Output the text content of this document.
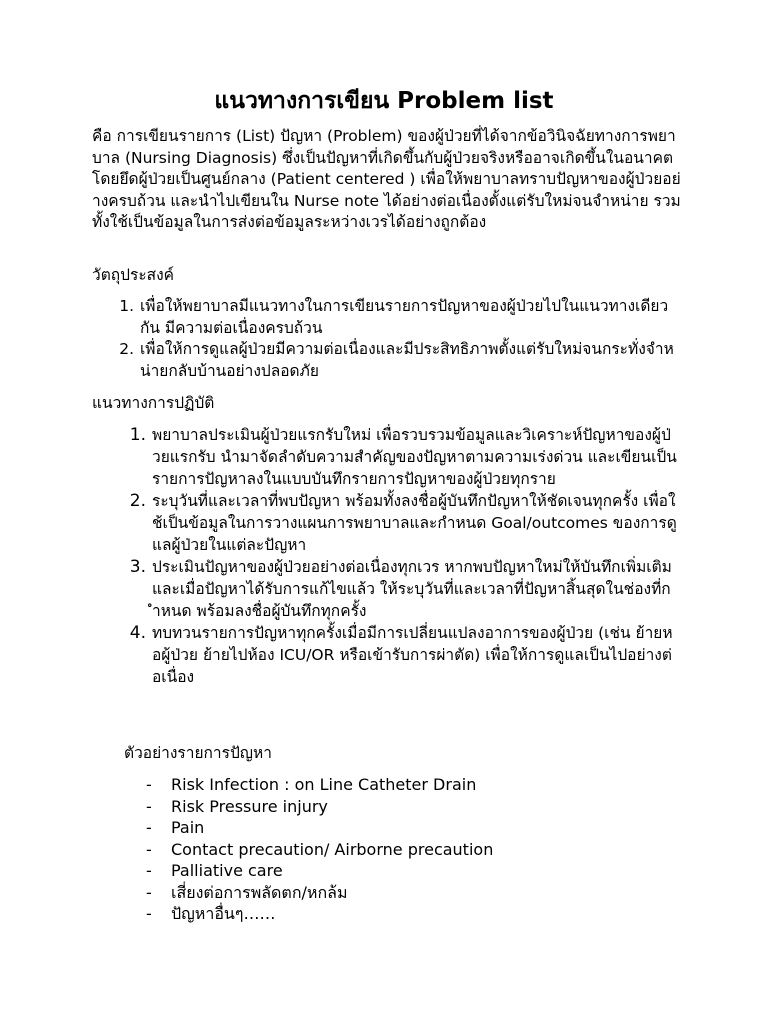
แนวทางการเขียน Problem list

คือ การเขียนรายการ (List) ปัญหา (Problem) ของผู้ป่วยที่ได้จากข้อวินิจฉัยทางการพยาบาล (Nursing Diagnosis) ซึ่งเป็นปัญหาที่เกิดขึ้นกับผู้ป่วยจริงหรืออาจเกิดขึ้นในอนาคต โดยยึดผู้ป่วยเป็นศูนย์กลาง (Patient centered ) เพื่อให้พยาบาลทราบปัญหาของผู้ป่วยอย่างครบถ้วน และนำไปเขียนใน Nurse note ได้อย่างต่อเนื่องตั้งแต่รับใหม่จนจำหน่าย รวมทั้งใช้เป็นข้อมูลในการส่งต่อข้อมูลระหว่างเวรได้อย่างถูกต้อง

วัตถุประสงค์

1. เพื่อให้พยาบาลมีแนวทางในการเขียนรายการปัญหาของผู้ป่วยไปในแนวทางเดียวกัน มีความต่อเนื่องครบถ้วน
2. เพื่อให้การดูแลผู้ป่วยมีความต่อเนื่องและมีประสิทธิภาพตั้งแต่รับใหม่จนกระทั่งจำหน่ายกลับบ้านอย่างปลอดภัย

แนวทางการปฏิบัติ

1. พยาบาลประเมินผู้ป่วยแรกรับใหม่ เพื่อรวบรวมข้อมูลและวิเคราะห์ปัญหาของผู้ป่วยแรกรับ นำมาจัดลำดับความสำคัญของปัญหาตามความเร่งด่วน และเขียนเป็นรายการปัญหาลงในแบบบันทึกรายการปัญหาของผู้ป่วยทุกราย
2. ระบุวันที่และเวลาที่พบปัญหา พร้อมทั้งลงชื่อผู้บันทึกปัญหาให้ชัดเจนทุกครั้ง เพื่อใช้เป็นข้อมูลในการวางแผนการพยาบาลและกำหนด Goal/outcomes ของการดูแลผู้ป่วยในแต่ละปัญหา
3. ประเมินปัญหาของผู้ป่วยอย่างต่อเนื่องทุกเวร หากพบปัญหาใหม่ให้บันทึกเพิ่มเติม และเมื่อปัญหาได้รับการแก้ไขแล้ว ให้ระบุวันที่และเวลาที่ปัญหาสิ้นสุดในช่องที่กำหนด พร้อมลงชื่อผู้บันทึกทุกครั้ง
4. ทบทวนรายการปัญหาทุกครั้งเมื่อมีการเปลี่ยนแปลงอาการของผู้ป่วย (เช่น ย้ายหอผู้ป่วย ย้ายไปห้อง ICU/OR หรือเข้ารับการผ่าตัด) เพื่อให้การดูแลเป็นไปอย่างต่อเนื่อง

ตัวอย่างรายการปัญหา

-	Risk Infection : on Line Catheter Drain
-	Risk Pressure injury
-	Pain
-	Contact precaution/ Airborne precaution
-	Palliative care
-	เสี่ยงต่อการพลัดตก/หกล้ม
-	ปัญหาอื่นๆ……
